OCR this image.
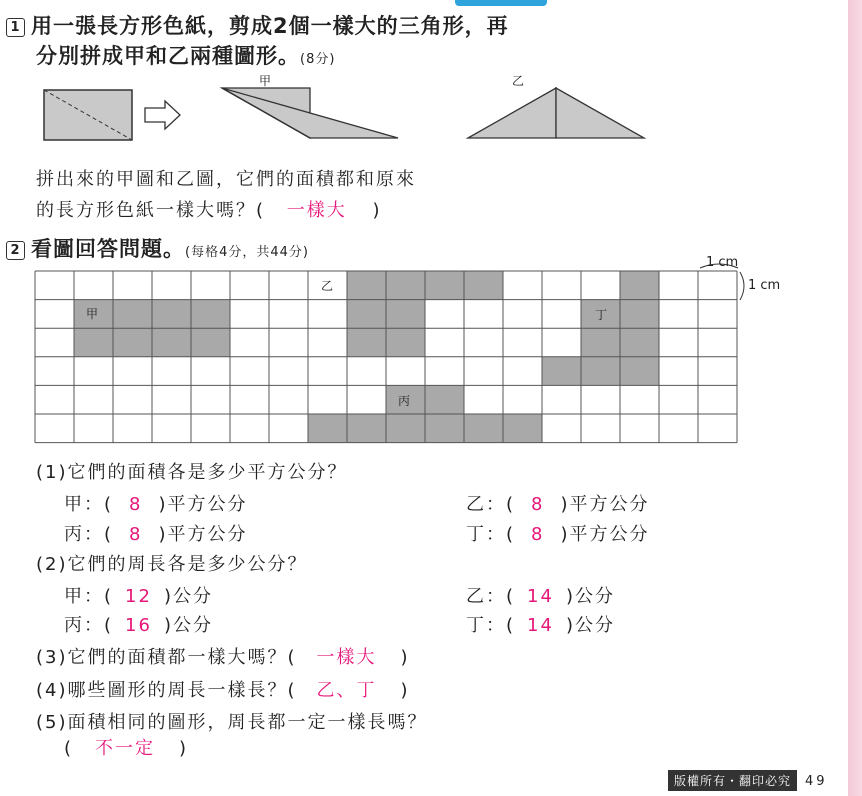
1 用一張長方形色紙，剪成2個一樣大的三角形，再
分別拼成甲和乙兩種圖形。(8分)
甲	乙
拼出來的甲圖和乙圖，它們的面積都和原來
的長方形色紙一樣大嗎？( 一樣大 )
2 看圖回答問題。(每格4分，共44分)
1 cm
1 cm
甲
乙
丙
丁
(1)它們的面積各是多少平方公分？
甲：( 8 )平方公分	乙：( 8 )平方公分
丙：( 8 )平方公分	丁：( 8 )平方公分
(2)它們的周長各是多少公分？
甲：( 12 )公分	乙：( 14 )公分
丙：( 16 )公分	丁：( 14 )公分
(3)它們的面積都一樣大嗎？( 一樣大 )
(4)哪些圖形的周長一樣長？( 乙、丁 )
(5)面積相同的圖形，周長都一定一樣長嗎？
( 不一定 )
版權所有・翻印必究 49
